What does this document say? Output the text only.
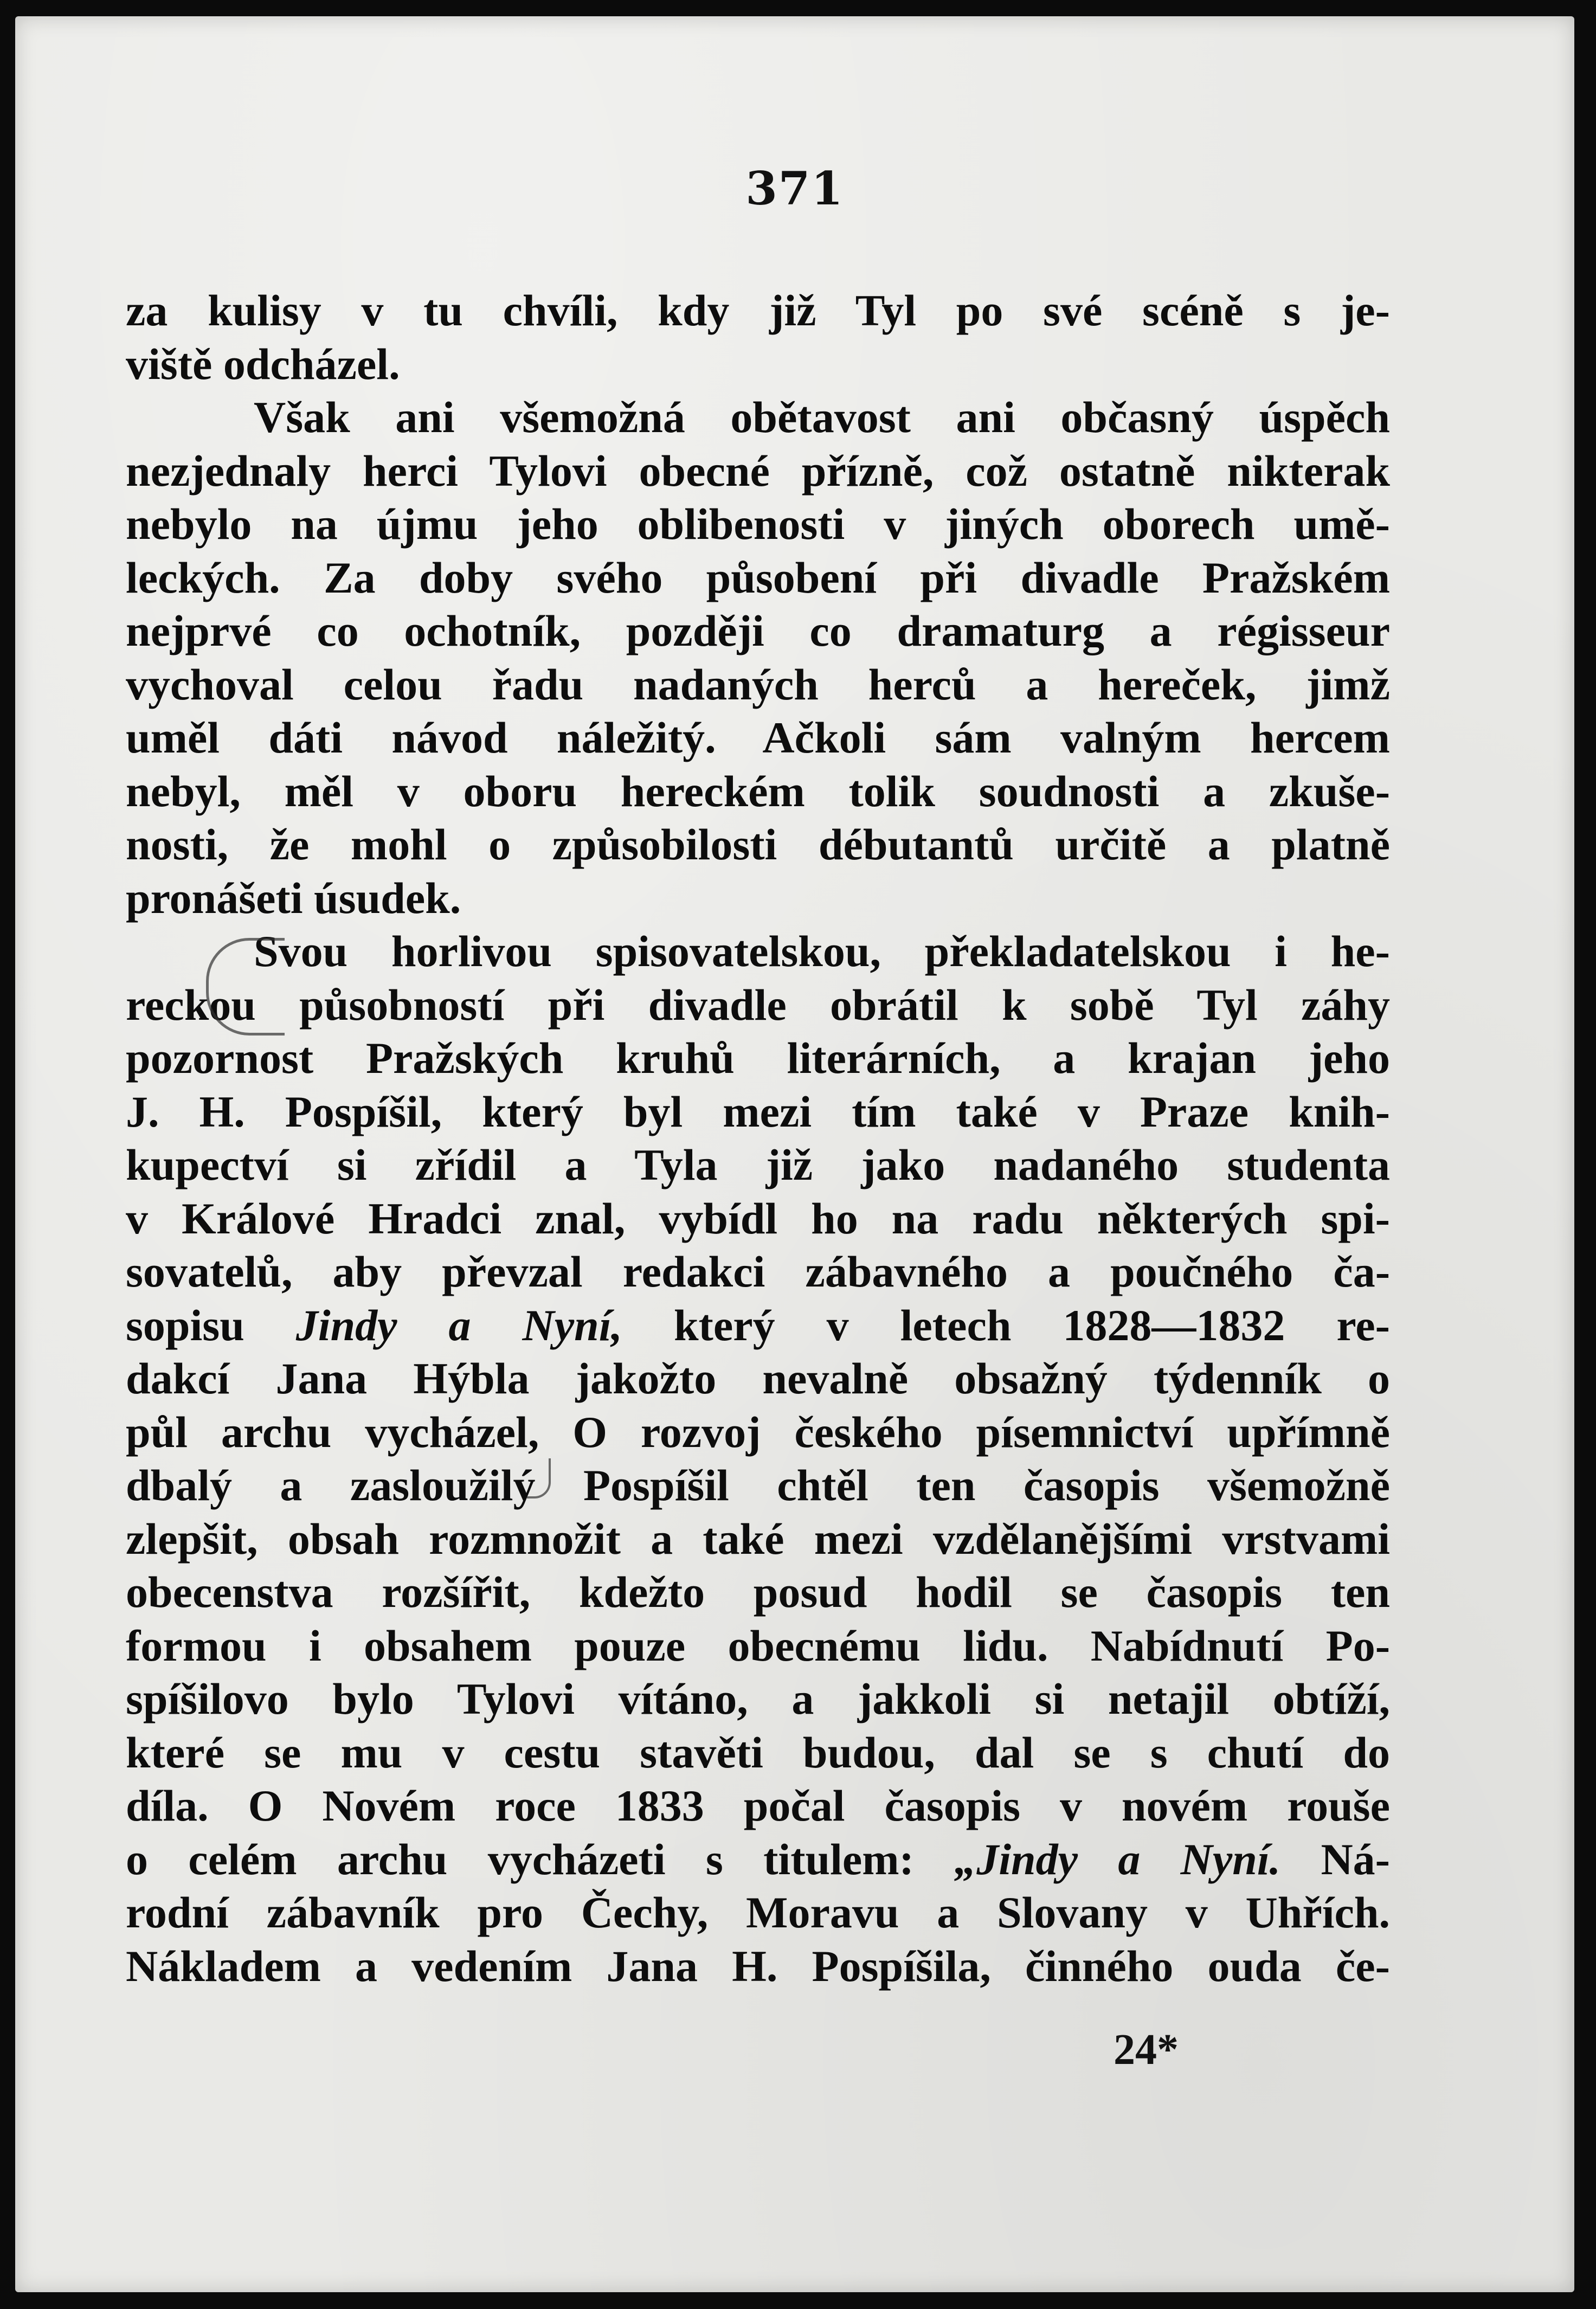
371
za kulisy v tu chvíli, kdy již Tyl po své scéně s je-
viště odcházel.
Však ani všemožná obětavost ani občasný úspěch
nezjednaly herci Tylovi obecné přízně, což ostatně nikterak
nebylo na újmu jeho oblibenosti v jiných oborech umě-
leckých. Za doby svého působení při divadle Pražském
nejprvé co ochotník, později co dramaturg a régisseur
vychoval celou řadu nadaných herců a hereček, jimž
uměl dáti návod náležitý. Ačkoli sám valným hercem
nebyl, měl v oboru hereckém tolik soudnosti a zkuše-
nosti, že mohl o způsobilosti débutantů určitě a platně
pronášeti úsudek.
Svou horlivou spisovatelskou, překladatelskou i he-
reckou působností při divadle obrátil k sobě Tyl záhy
pozornost Pražských kruhů literárních, a krajan jeho
J. H. Pospíšil, který byl mezi tím také v Praze knih-
kupectví si zřídil a Tyla již jako nadaného studenta
v Králové Hradci znal, vybídl ho na radu některých spi-
sovatelů, aby převzal redakci zábavného a poučného ča-
sopisu Jindy a Nyní, který v letech 1828—1832 re-
dakcí Jana Hýbla jakožto nevalně obsažný týdenník o
půl archu vycházel, O rozvoj českého písemnictví upřímně
dbalý a zasloužilý Pospíšil chtěl ten časopis všemožně
zlepšit, obsah rozmnožit a také mezi vzdělanějšími vrstvami
obecenstva rozšířit, kdežto posud hodil se časopis ten
formou i obsahem pouze obecnému lidu. Nabídnutí Po-
spíšilovo bylo Tylovi vítáno, a jakkoli si netajil obtíží,
které se mu v cestu stavěti budou, dal se s chutí do
díla. O Novém roce 1833 počal časopis v novém rouše
o celém archu vycházeti s titulem: „Jindy a Nyní. Ná-
rodní zábavník pro Čechy, Moravu a Slovany v Uhřích.
Nákladem a vedením Jana H. Pospíšila, činného ouda če-
24*
